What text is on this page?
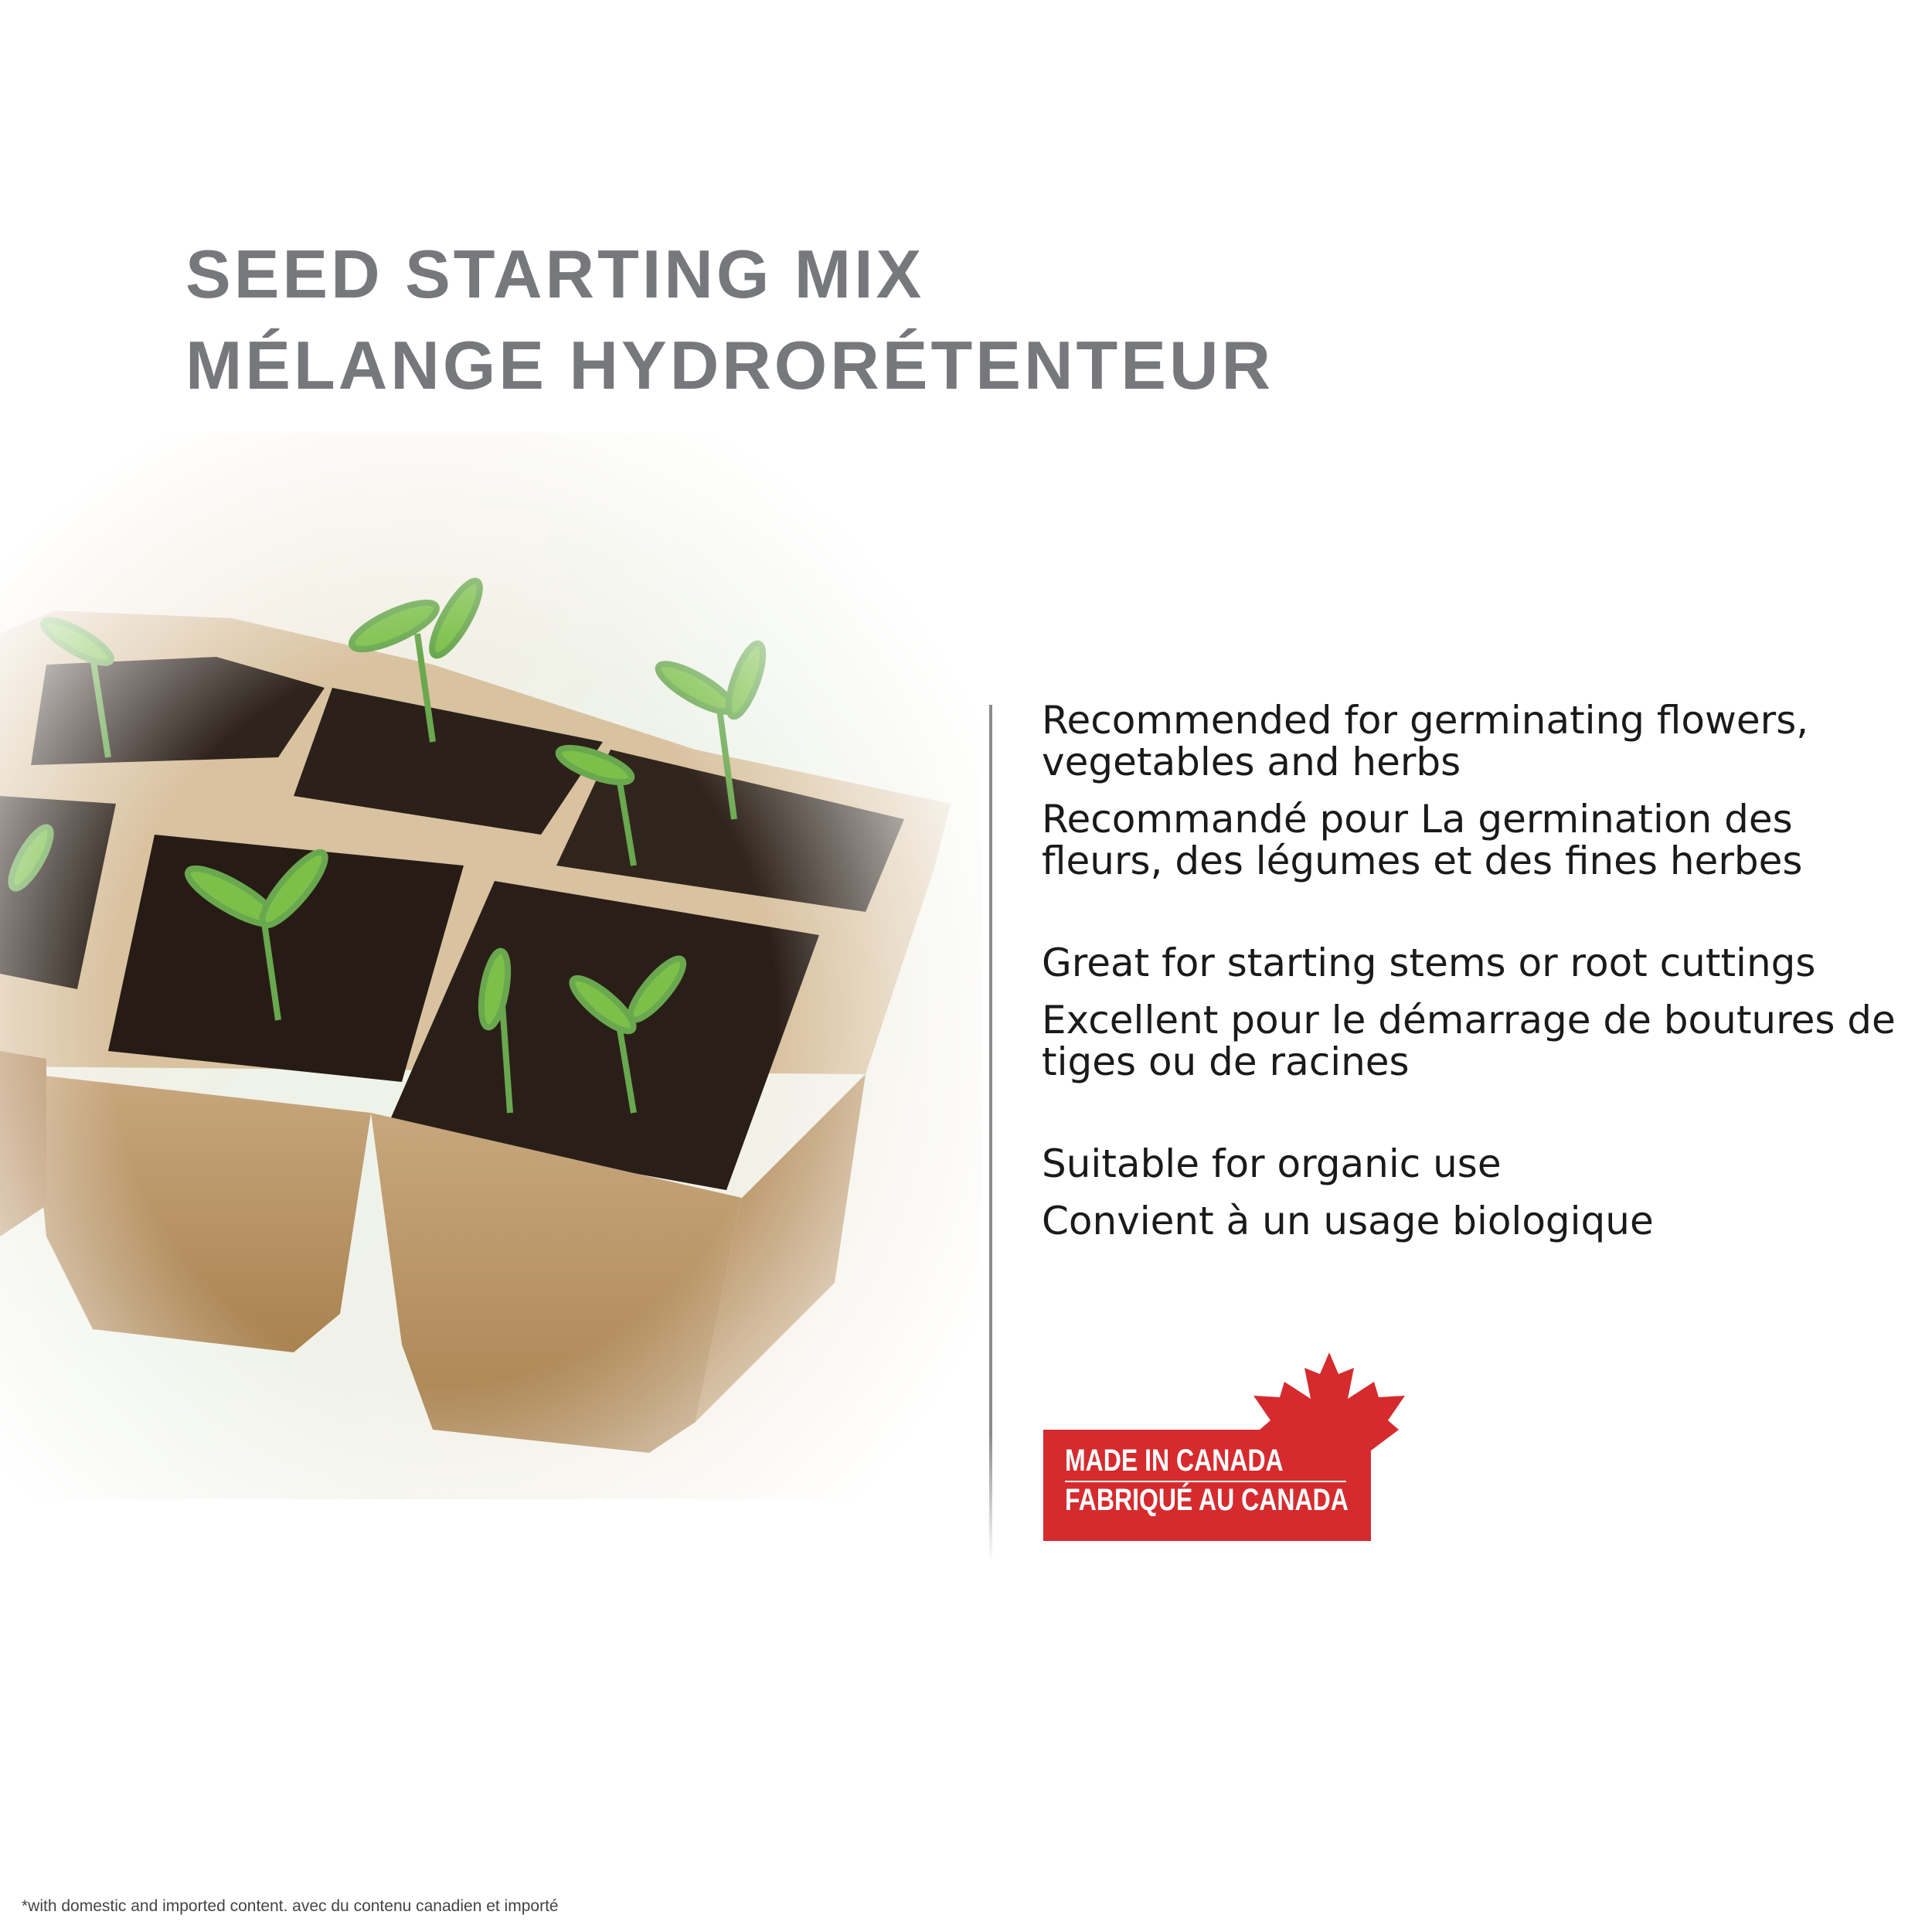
SEED STARTING MIX
MÉLANGE HYDRORÉTENTEUR

Recommended for germinating flowers, vegetables and herbs

Recommandé pour La germination des fleurs, des légumes et des fines herbes

Great for starting stems or root cuttings

Excellent pour le démarrage de boutures de tiges ou de racines

Suitable for organic use

Convient à un usage biologique

MADE IN CANADA

FABRIQUÉ AU CANADA

*with domestic and imported content. avec du contenu canadien et importé
